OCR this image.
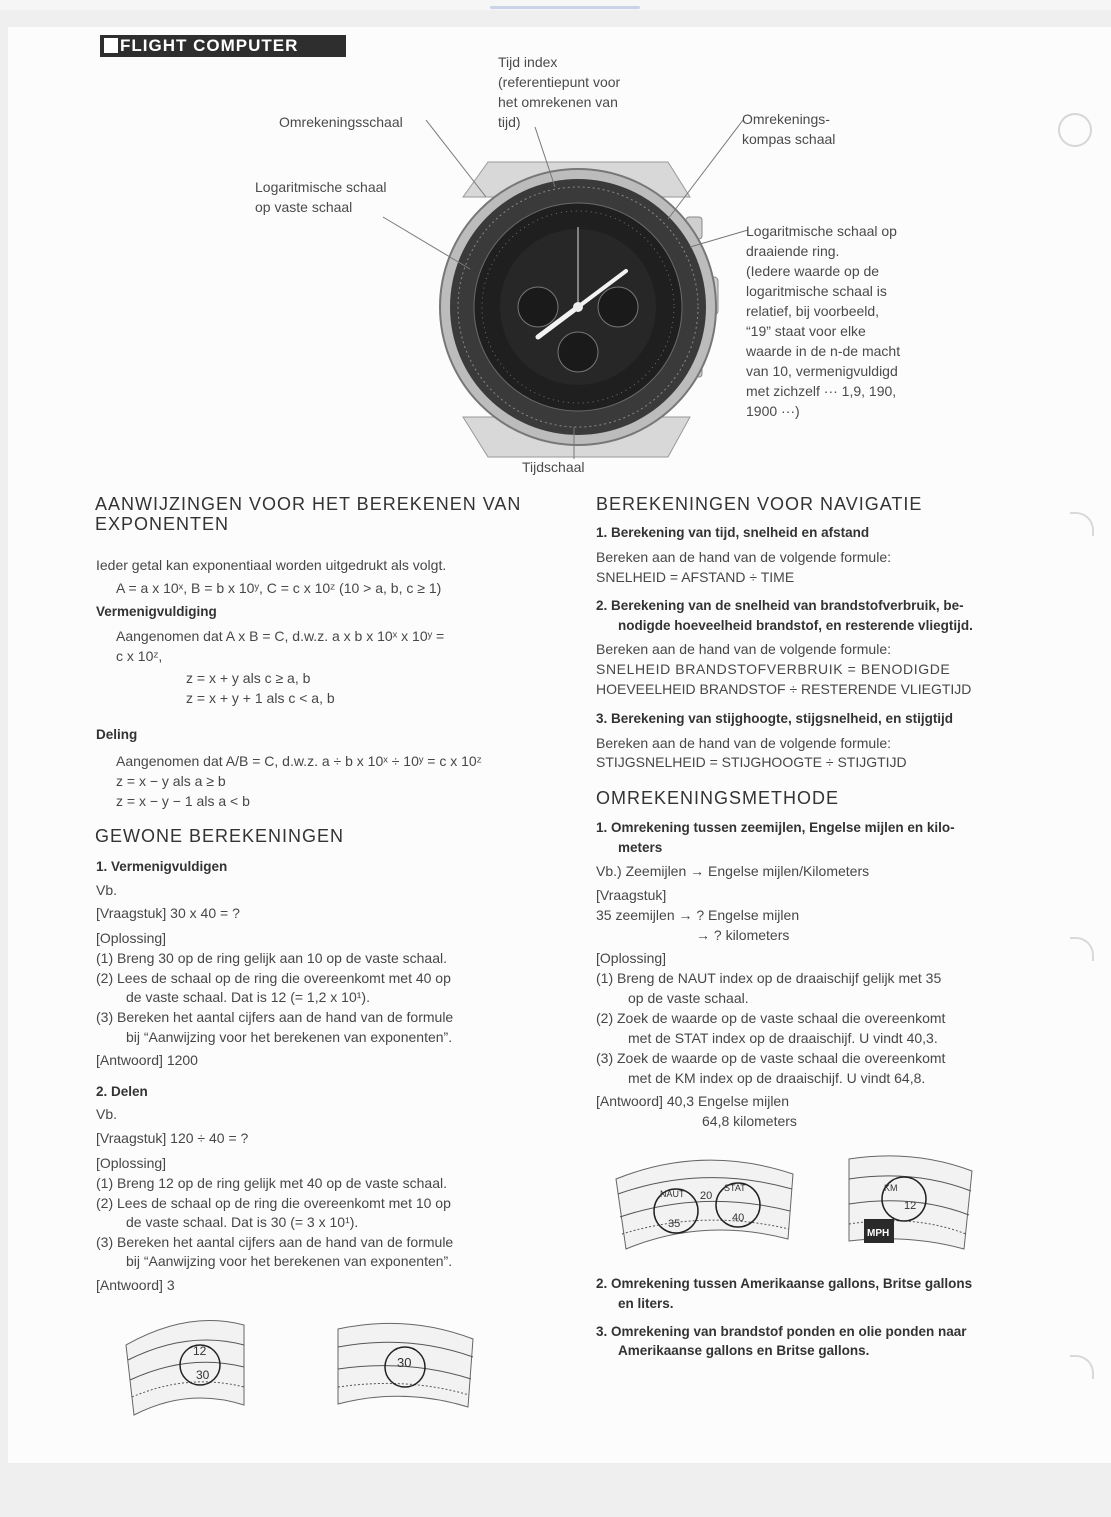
FLIGHT COMPUTER
Tijd index
(referentiepunt voor
het omrekenen van
tijd)
Omrekeningsschaal	Omrekenings-
kompas schaal
Logaritmische schaal
op vaste schaal
Logaritmische schaal op
draaiende ring.
(Iedere waarde op de
logaritmische schaal is
relatief, bij voorbeeld,
“19” staat voor elke
waarde in de n-de macht
van 10, vermenigvuldigd
met zichzelf ··· 1,9, 190,
1900 ···)
Tijdschaal
AANWIJZINGEN VOOR HET BEREKENEN VAN
EXPONENTEN
Ieder getal kan exponentiaal worden uitgedrukt als volgt.
A = a x 10ˣ, B = b x 10ʸ, C = c x 10ᶻ (10 > a, b, c ≥ 1)
Vermenigvuldiging
Aangenomen dat A x B = C, d.w.z. a x b x 10ˣ x 10ʸ =
c x 10ᶻ,
z = x + y als c ≥ a, b
z = x + y + 1 als c < a, b
Deling
Aangenomen dat A/B = C, d.w.z. a ÷ b x 10ˣ ÷ 10ʸ = c x 10ᶻ
z = x − y als a ≥ b
z = x − y − 1 als a < b
GEWONE BEREKENINGEN
1. Vermenigvuldigen
Vb.
[Vraagstuk] 30 x 40 = ?
[Oplossing]
(1) Breng 30 op de ring gelijk aan 10 op de vaste schaal.
(2) Lees de schaal op de ring die overeenkomt met 40 op
de vaste schaal. Dat is 12 (= 1,2 x 10¹).
(3) Bereken het aantal cijfers aan de hand van de formule
bij “Aanwijzing voor het berekenen van exponenten”.
[Antwoord] 1200
2. Delen
Vb.
[Vraagstuk] 120 ÷ 40 = ?
[Oplossing]
(1) Breng 12 op de ring gelijk met 40 op de vaste schaal.
(2) Lees de schaal op de ring die overeenkomt met 10 op
de vaste schaal. Dat is 30 (= 3 x 10¹).
(3) Bereken het aantal cijfers aan de hand van de formule
bij “Aanwijzing voor het berekenen van exponenten”.
[Antwoord] 3
12
30
30
BEREKENINGEN VOOR NAVIGATIE
1. Berekening van tijd, snelheid en afstand
Bereken aan de hand van de volgende formule:
SNELHEID = AFSTAND ÷ TIME
2. Berekening van de snelheid van brandstofverbruik, be-
nodigde hoeveelheid brandstof, en resterende vliegtijd.
Bereken aan de hand van de volgende formule:
SNELHEID BRANDSTOFVERBRUIK = BENODIGDE
HOEVEELHEID BRANDSTOF ÷ RESTERENDE VLIEGTIJD
3. Berekening van stijghoogte, stijgsnelheid, en stijgtijd
Bereken aan de hand van de volgende formule:
STIJGSNELHEID = STIJGHOOGTE ÷ STIJGTIJD
OMREKENINGSMETHODE
1. Omrekening tussen zeemijlen, Engelse mijlen en kilo-
meters
Vb.) Zeemijlen → Engelse mijlen/Kilometers
[Vraagstuk]
35 zeemijlen → ? Engelse mijlen
→ ? kilometers
[Oplossing]
(1) Breng de NAUT index op de draaischijf gelijk met 35
op de vaste schaal.
(2) Zoek de waarde op de vaste schaal die overeenkomt
met de STAT index op de draaischijf. U vindt 40,3.
(3) Zoek de waarde op de vaste schaal die overeenkomt
met de KM index op de draaischijf. U vindt 64,8.
[Antwoord] 40,3 Engelse mijlen
64,8 kilometers
NAUT
STAT
20
35	40
KM
MPH
12
2. Omrekening tussen Amerikaanse gallons, Britse gallons
en liters.
3. Omrekening van brandstof ponden en olie ponden naar
Amerikaanse gallons en Britse gallons.
